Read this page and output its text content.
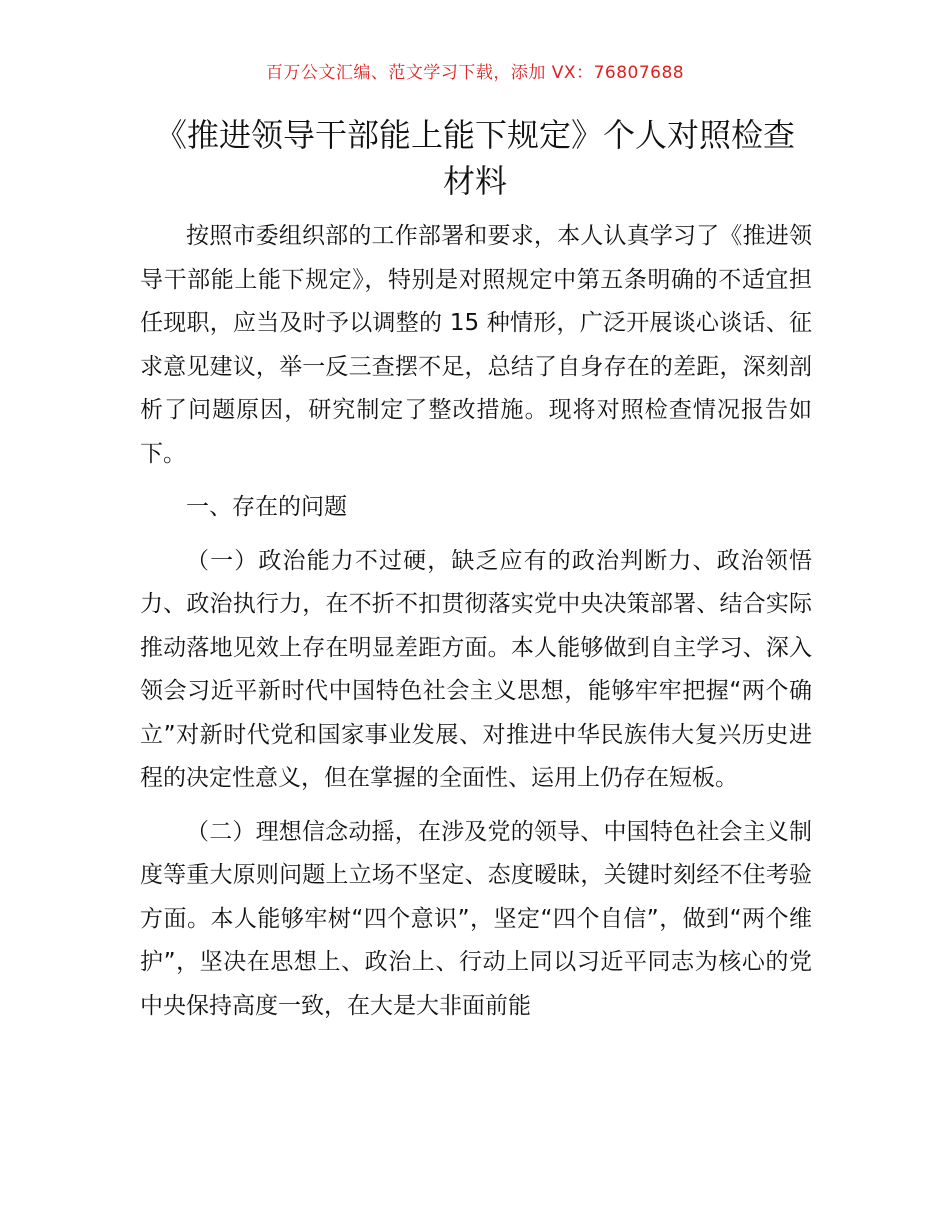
百万公文汇编、范文学习下载，添加 VX：76807688
《推进领导干部能上能下规定》个人对照检查材料

按照市委组织部的工作部署和要求，本人认真学习了《推进领导干部能上能下规定》，特别是对照规定中第五条明确的不适宜担任现职，应当及时予以调整的 15 种情形，广泛开展谈心谈话、征求意见建议，举一反三查摆不足，总结了自身存在的差距，深刻剖析了问题原因，研究制定了整改措施。现将对照检查情况报告如下。

一、存在的问题

（一）政治能力不过硬，缺乏应有的政治判断力、政治领悟力、政治执行力，在不折不扣贯彻落实党中央决策部署、结合实际推动落地见效上存在明显差距方面。本人能够做到自主学习、深入领会习近平新时代中国特色社会主义思想，能够牢牢把握“两个确立”对新时代党和国家事业发展、对推进中华民族伟大复兴历史进程的决定性意义，但在掌握的全面性、运用上仍存在短板。

（二）理想信念动摇，在涉及党的领导、中国特色社会主义制度等重大原则问题上立场不坚定、态度暧昧，关键时刻经不住考验方面。本人能够牢树“四个意识”，坚定“四个自信”，做到“两个维护”，坚决在思想上、政治上、行动上同以习近平同志为核心的党中央保持高度一致，在大是大非面前能
